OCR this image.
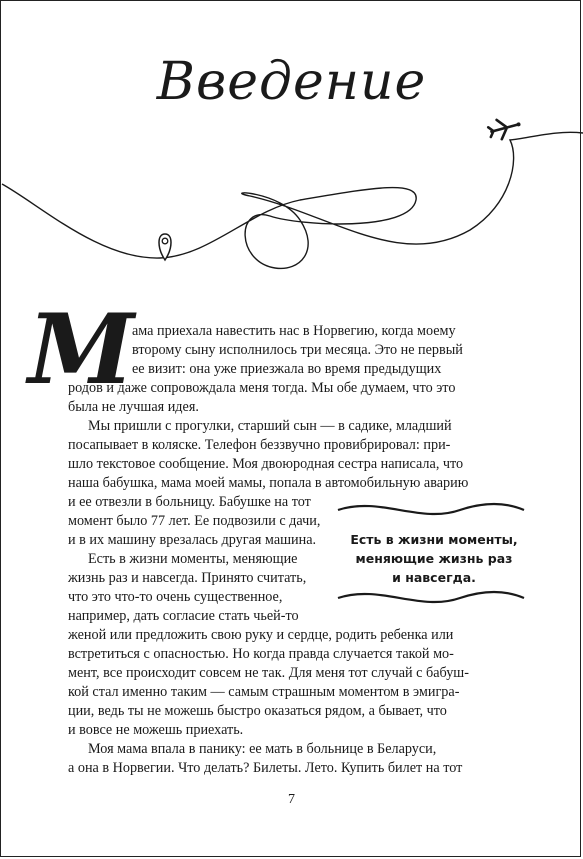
Введение
М

ама приехала навестить нас в Норвегию, когда моему

второму сыну исполнилось три месяца. Это не первый

ее визит: она уже приезжала во время предыдущих

родов и даже сопровождала меня тогда. Мы обе думаем, что это

была не лучшая идея.

Мы пришли с прогулки, старший сын — в садике, младший

посапывает в коляске. Телефон беззвучно провибрировал: при-

шло текстовое сообщение. Моя двоюродная сестра написала, что

наша бабушка, мама моей мамы, попала в автомобильную аварию

и ее отвезли в больницу. Бабушке на тот

момент было 77 лет. Ее подвозили с дачи,

и в их машину врезалась другая машина.

Есть в жизни моменты, меняющие

жизнь раз и навсегда. Принято считать,

что это что-то очень существенное,

например, дать согласие стать чьей-то

женой или предложить свою руку и сердце, родить ребенка или

встретиться с опасностью. Но когда правда случается такой мо-

мент, все происходит совсем не так. Для меня тот случай с бабуш-

кой стал именно таким — самым страшным моментом в эмигра-

ции, ведь ты не можешь быстро оказаться рядом, а бывает, что

и вовсе не можешь приехать.

Моя мама впала в панику: ее мать в больнице в Беларуси,

а она в Норвегии. Что делать? Билеты. Лето. Купить билет на тот

Есть в жизни моменты,
меняющие жизнь раз
и навсегда.
7
